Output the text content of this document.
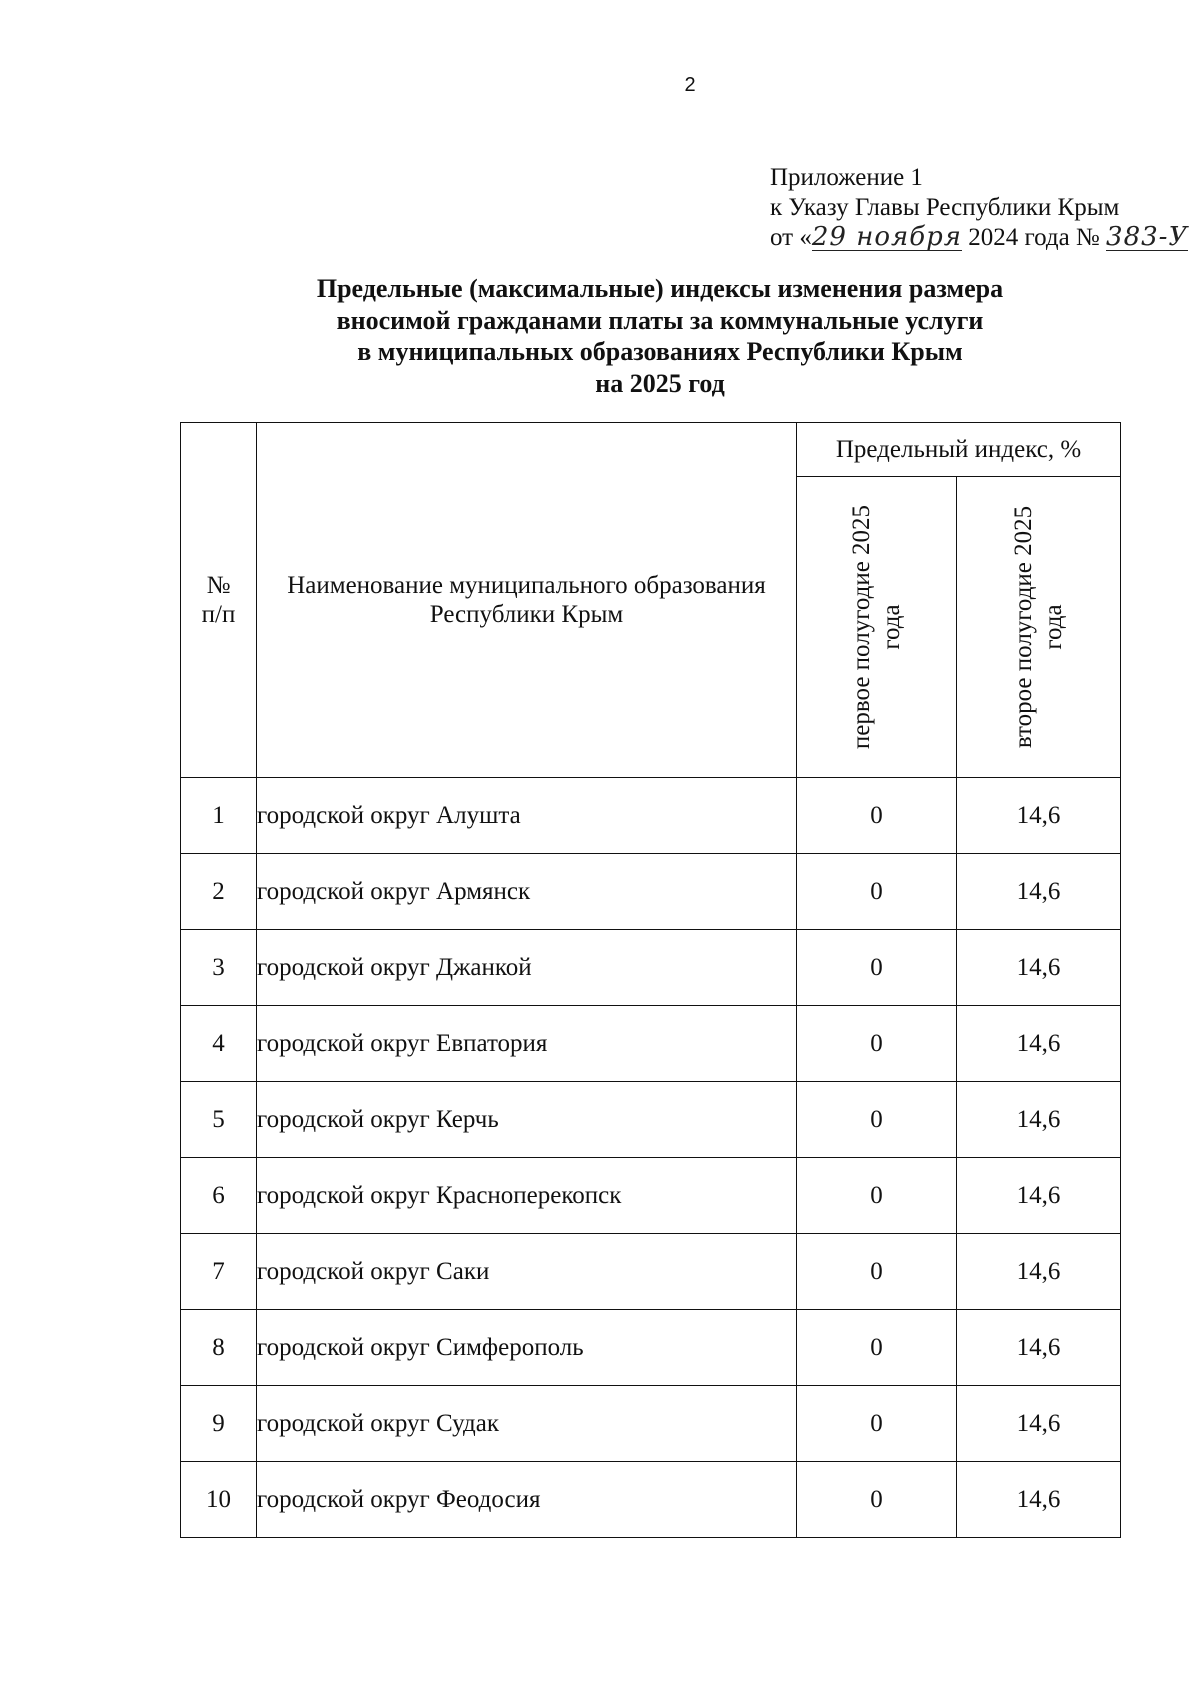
2
Приложение 1
к Указу Главы Республики Крым
от «29 ноября 2024 года № 383-У
Предельные (максимальные) индексы изменения размера
вносимой гражданами платы за коммунальные услуги
в муниципальных образованиях Республики Крым
на 2025 год
№ п/п	Наименование муниципального образования Республики Крым	Предельный индекс, %	

		первое полугодие 2025 года	второе полугодие 2025 года

1	городской округ Алушта	0	14,6
2	городской округ Армянск	0	14,6
3	городской округ Джанкой	0	14,6
4	городской округ Евпатория	0	14,6
5	городской округ Керчь	0	14,6
6	городской округ Красноперекопск	0	14,6
7	городской округ Саки	0	14,6
8	городской округ Симферополь	0	14,6
9	городской округ Судак	0	14,6
10	городской округ Феодосия	0	14,6
